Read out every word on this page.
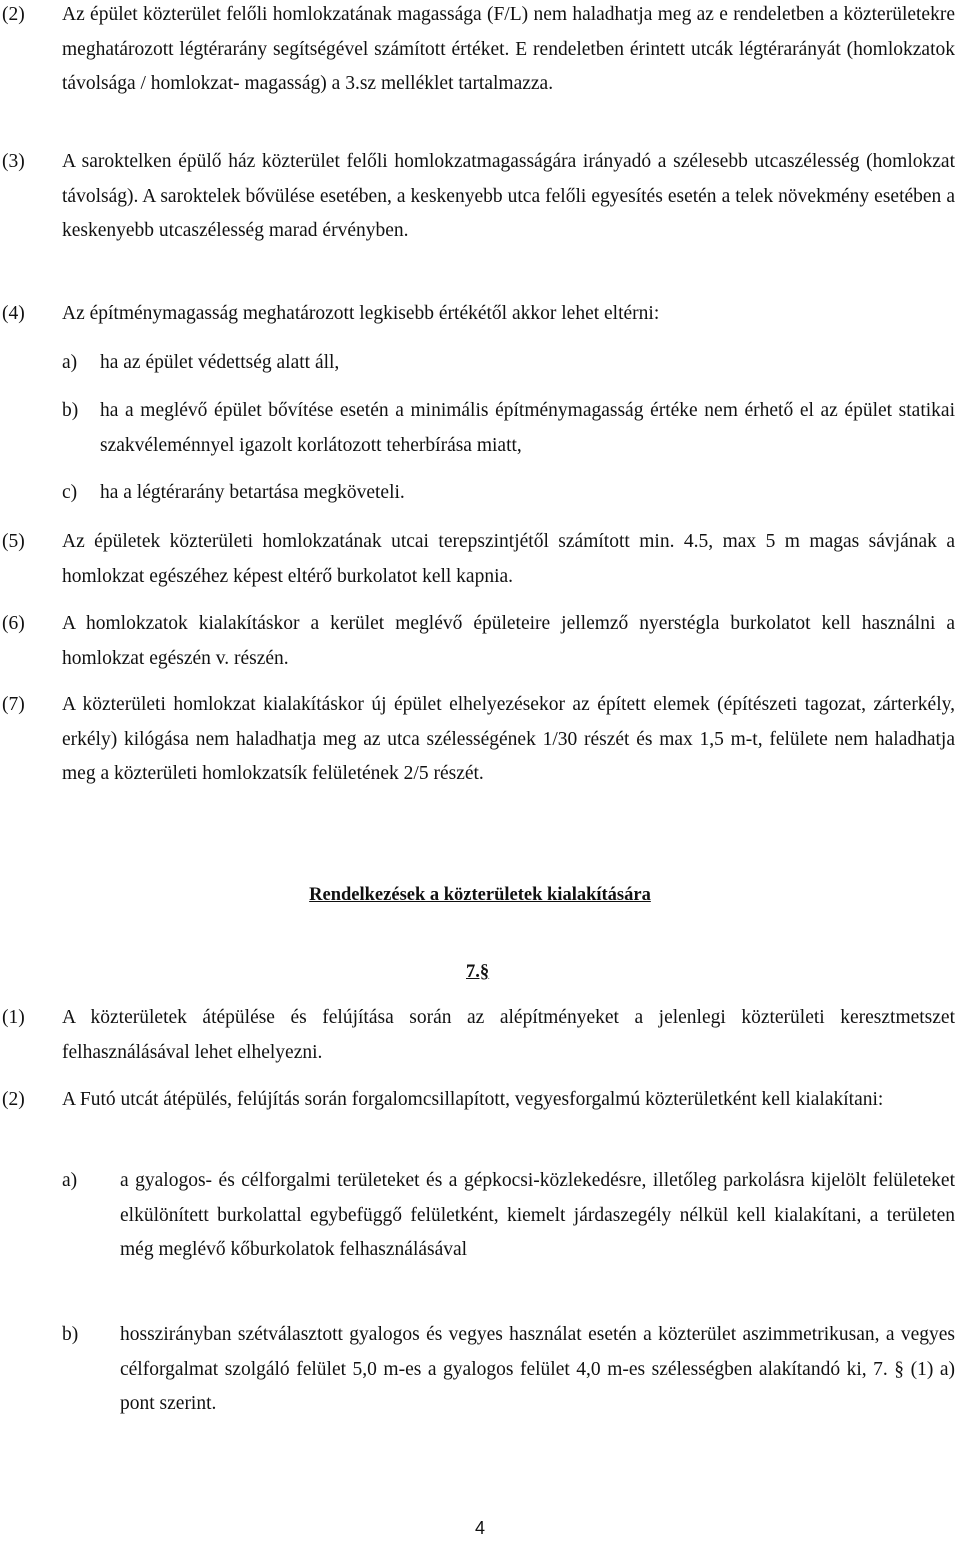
(2) Az épület közterület felőli homlokzatának magassága (F/L) nem haladhatja meg az e rendeletben a közterületekre meghatározott légtérarány segítségével számított értéket. E rendeletben érintett utcák légtérarányát (homlokzatok távolsága / homlokzat- magasság) a 3.sz melléklet tartalmazza.
(3) A saroktelken épülő ház közterület felőli homlokzatmagasságára irányadó a szélesebb utcaszélesség (homlokzat távolság). A saroktelek bővülése esetében, a keskenyebb utca felőli egyesítés esetén a telek növekmény esetében a keskenyebb utcaszélesség marad érvényben.
(4) Az építménymagasság meghatározott legkisebb értékétől akkor lehet eltérni:
a) ha az épület védettség alatt áll,
b) ha a meglévő épület bővítése esetén a minimális építménymagasság értéke nem érhető el az épület statikai szakvéleménnyel igazolt korlátozott teherbírása miatt,
c) ha a légtérarány betartása megköveteli.
(5) Az épületek közterületi homlokzatának utcai terepszintjétől számított min. 4.5, max 5 m magas sávjának a homlokzat egészéhez képest eltérő burkolatot kell kapnia.
(6) A homlokzatok kialakításkor a kerület meglévő épületeire jellemző nyerstégla burkolatot kell használni a homlokzat egészén v. részén.
(7) A közterületi homlokzat kialakításkor új épület elhelyezésekor az épített elemek (építészeti tagozat, zárterkély, erkély) kilógása nem haladhatja meg az utca szélességének 1/30 részét és max 1,5 m-t, felülete nem haladhatja meg a közterületi homlokzatsík felületének 2/5 részét.
Rendelkezések a közterületek kialakítására
7.§
(1) A közterületek átépülése és felújítása során az alépítményeket a jelenlegi közterületi keresztmetszet felhasználásával lehet elhelyezni.
(2) A Futó utcát átépülés, felújítás során forgalomcsillapított, vegyesforgalmú közterületként kell kialakítani:
a) a gyalogos- és célforgalmi területeket és a gépkocsi-közlekedésre, illetőleg parkolásra kijelölt felületeket elkülönített burkolattal egybefüggő felületként, kiemelt járdaszegély nélkül kell kialakítani, a területen még meglévő kőburkolatok felhasználásával
b) hosszirányban szétválasztott gyalogos és vegyes használat esetén a közterület aszimmetrikusan, a vegyes célforgalmat szolgáló felület 5,0 m-es a gyalogos felület 4,0 m-es szélességben alakítandó ki, 7. § (1) a) pont szerint.
4
